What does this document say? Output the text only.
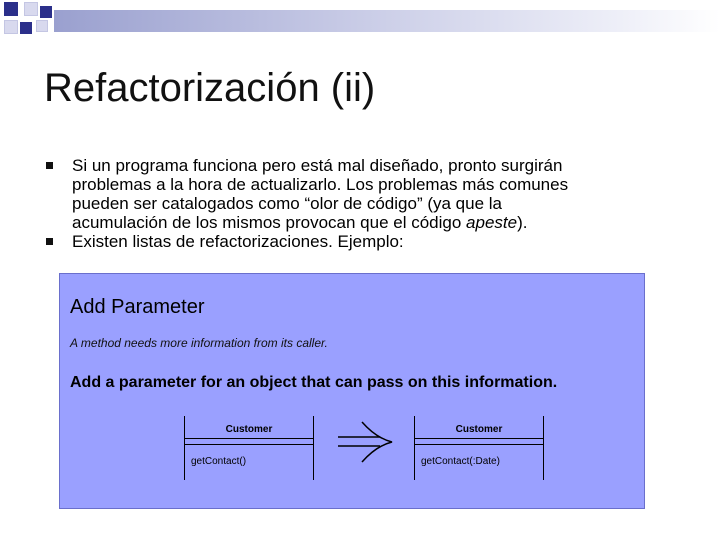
Refactorización (ii)
Si un programa funciona pero está mal diseñado, pronto surgirán
problemas a la hora de actualizarlo. Los problemas más comunes
pueden ser catalogados como “olor de código” (ya que la
acumulación de los mismos provocan que el código apeste).
Existen listas de refactorizaciones. Ejemplo:
Add Parameter
A method needs more information from its caller.
Add a parameter for an object that can pass on this information.
Customer
getContact()
Customer
getContact(:Date)
